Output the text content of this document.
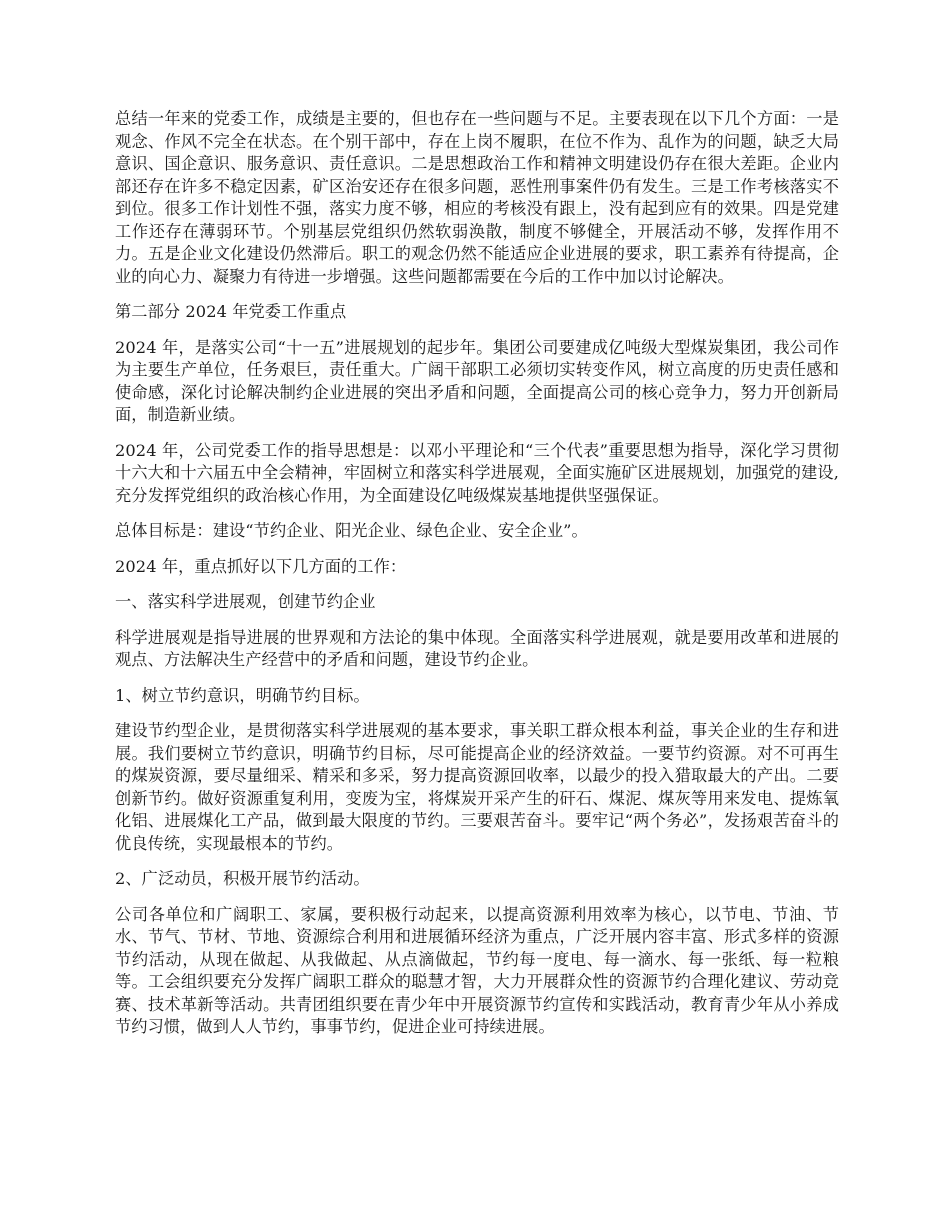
总结一年来的党委工作，成绩是主要的，但也存在一些问题与不足。主要表现在以下几个方面：一是观念、作风不完全在状态。在个别干部中，存在上岗不履职，在位不作为、乱作为的问题，缺乏大局意识、国企意识、服务意识、责任意识。二是思想政治工作和精神文明建设仍存在很大差距。企业内部还存在许多不稳定因素，矿区治安还存在很多问题，恶性刑事案件仍有发生。三是工作考核落实不到位。很多工作计划性不强，落实力度不够，相应的考核没有跟上，没有起到应有的效果。四是党建工作还存在薄弱环节。个别基层党组织仍然软弱涣散，制度不够健全，开展活动不够，发挥作用不力。五是企业文化建设仍然滞后。职工的观念仍然不能适应企业进展的要求，职工素养有待提高，企业的向心力、凝聚力有待进一步增强。这些问题都需要在今后的工作中加以讨论解决。

第二部分 2024 年党委工作重点

2024 年，是落实公司“十一五”进展规划的起步年。集团公司要建成亿吨级大型煤炭集团，我公司作为主要生产单位，任务艰巨，责任重大。广阔干部职工必须切实转变作风，树立高度的历史责任感和使命感，深化讨论解决制约企业进展的突出矛盾和问题，全面提高公司的核心竞争力，努力开创新局面，制造新业绩。

2024 年，公司党委工作的指导思想是：以邓小平理论和“三个代表”重要思想为指导，深化学习贯彻十六大和十六届五中全会精神，牢固树立和落实科学进展观，全面实施矿区进展规划，加强党的建设,充分发挥党组织的政治核心作用，为全面建设亿吨级煤炭基地提供坚强保证。

总体目标是：建设“节约企业、阳光企业、绿色企业、安全企业”。

2024 年，重点抓好以下几方面的工作：

一、落实科学进展观，创建节约企业

科学进展观是指导进展的世界观和方法论的集中体现。全面落实科学进展观，就是要用改革和进展的观点、方法解决生产经营中的矛盾和问题，建设节约企业。

1、树立节约意识，明确节约目标。

建设节约型企业，是贯彻落实科学进展观的基本要求，事关职工群众根本利益，事关企业的生存和进展。我们要树立节约意识，明确节约目标，尽可能提高企业的经济效益。一要节约资源。对不可再生的煤炭资源，要尽量细采、精采和多采，努力提高资源回收率，以最少的投入猎取最大的产出。二要创新节约。做好资源重复利用，变废为宝，将煤炭开采产生的矸石、煤泥、煤灰等用来发电、提炼氧化铝、进展煤化工产品，做到最大限度的节约。三要艰苦奋斗。要牢记“两个务必”，发扬艰苦奋斗的优良传统，实现最根本的节约。

2、广泛动员，积极开展节约活动。

公司各单位和广阔职工、家属，要积极行动起来，以提高资源利用效率为核心，以节电、节油、节水、节气、节材、节地、资源综合利用和进展循环经济为重点，广泛开展内容丰富、形式多样的资源节约活动，从现在做起、从我做起、从点滴做起，节约每一度电、每一滴水、每一张纸、每一粒粮等。工会组织要充分发挥广阔职工群众的聪慧才智，大力开展群众性的资源节约合理化建议、劳动竞赛、技术革新等活动。共青团组织要在青少年中开展资源节约宣传和实践活动，教育青少年从小养成节约习惯，做到人人节约，事事节约，促进企业可持续进展。
